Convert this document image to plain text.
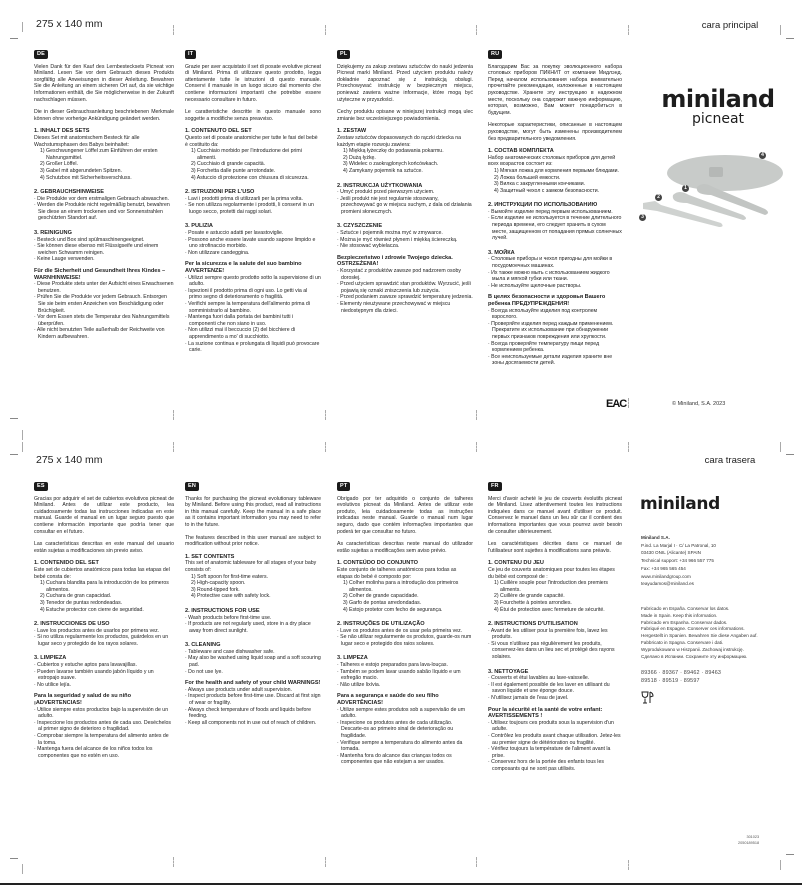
275 x 140 mm	cara principal
DE
Vielen Dank für den Kauf des Lernbestecksets Picneat von Miniland. Lesen Sie vor dem Gebrauch dieses Produkts sorgfältig alle Anweisungen in dieser Anleitung. Bewahren Sie die Anleitung an einem sicheren Ort auf, da sie wichtige Informationen enthält, die Sie möglicherweise in der Zukunft nachschlagen müssen.
Die in dieser Gebrauchsanleitung beschriebenen Merkmale können ohne vorherige Ankündigung geändert werden.
1. INHALT DES SETS
Dieses Set mit anatomischem Besteck für alle Wachstumsphasen des Babys beinhaltet:
1) Geschwungener Löffel zum Einführen der ersten Nahrungsmittel.
2) Großer Löffel.
3) Gabel mit abgerundeten Spitzen.
4) Schutzbox mit Sicherheitsverschluss.
2. GEBRAUCHSHINWEISE
· Die Produkte vor dem erstmaligen Gebrauch abwaschen.
· Werden die Produkte nicht regelmäßig benutzt, bewahren Sie diese an einem trockenen und vor Sonnenstrahlen geschützten Standort auf.
3. REINIGUNG
· Besteck und Box sind spülmaschinengeeignet.
· Sie können diese ebenso mit Flüssigseife und einem weichen Schwamm reinigen.
· Keine Lauge verwenden.
Für die Sicherheit und Gesundheit Ihres Kindes – WARNHINWEISE!
· Diese Produkte stets unter der Aufsicht eines Erwachsenen benutzen.
· Prüfen Sie die Produkte vor jedem Gebrauch. Entsorgen Sie sie beim ersten Anzeichen von Beschädigung oder Brüchigkeit.
· Vor dem Essen stets die Temperatur des Nahrungsmittels überprüfen.
· Alle nicht benutzten Teile außerhalb der Reichweite von Kindern aufbewahren.
IT
Grazie per aver acquistato il set di posate evolutive picneat di Miniland. Prima di utilizzare questo prodotto, legga attentamente tutte le istruzioni di questo manuale. Conservi il manuale in un luogo sicuro dal momento che contiene informazioni importanti che potrebbe essere necessario consultare in futuro.
Le caratteristiche descritte in questo manuale sono soggette a modifiche senza preavviso.
1. CONTENUTO DEL SET
Questo set di posate anatomiche per tutte le fasi del bebè è costituito da:
1) Cucchiaio morbido per l'introduzione dei primi alimenti.
2) Cucchiaio di grande capacità.
3) Forchetta dalle punte arrotondate.
4) Astuccio di protezione con chiusura di sicurezza.
2. ISTRUZIONI PER L'USO
· Lavi i prodotti prima di utilizzarli per la prima volta.
· Se non utilizza regolarmente i prodotti, li conservi in un luogo secco, protetti dai raggi solari.
3. PULIZIA
· Posate e astuccio adatti per lavastoviglie.
· Possono anche essere lavate usando sapone limpido e uno strofinaccio morbido.
· Non utilizzare candeggina.
Per la sicurezza e la salute del suo bambino AVVERTENZE!
· Utilizzi sempre questo prodotto sotto la supervisione di un adulto.
· Ispezioni il prodotto prima di ogni uso. Lo getti via al primo segno di deterioramento o fragilità.
· Verifichi sempre la temperatura dell'alimento prima di somministrarlo al bambino.
· Mantenga fuori dalla portata dei bambini tutti i componenti che non siano in uso.
· Non utilizzi mai il beccuccio (2) del bicchiere di apprendimento a mo' di succhiotto.
· La suzione continua e prolungata di liquidi può provocare carie.
PL
Dziękujemy za zakup zestawu sztućców do nauki jedzenia Picneat marki Miniland. Przed użyciem produktu należy dokładnie zapoznać się z instrukcją obsługi. Przechowywać instrukcję w bezpiecznym miejscu, ponieważ zawiera ważne informacje, które mogą być użyteczne w przyszłości.
Cechy produktu opisane w niniejszej instrukcji mogą ulec zmianie bez wcześniejszego powiadomienia.
1. ZESTAW
Zestaw sztućców dopasowanych do rączki dziecka na każdym etapie rozwoju zawiera:
1) Miękką łyżeczkę do podawania pokarmu.
2) Dużą łyżkę.
3) Widelec o zaokrąglonych końcówkach.
4) Zamykany pojemnik na sztućce.
2. INSTRUKCJA UŻYTKOWANIA
· Umyć produkt przed pierwszym użyciem.
· Jeśli produkt nie jest regularnie stosowany, przechowywać go w miejscu suchym, z dala od działania promieni słonecznych.
3. CZYSZCZENIE
· Sztućce i pojemnik można myć w zmywarce.
· Można je myć również płynem i miękką ściereczką.
· Nie stosować wybielacza.
Bezpieczeństwo i zdrowie Twojego dziecka. OSTRZEŻENIA!
· Korzystać z produktów zawsze pod nadzorem osoby dorosłej.
· Przed użyciem sprawdzić stan produktów. Wyrzucić, jeśli pojawią się oznaki zniszczenia lub zużycia.
· Przed podaniem zawsze sprawdzić temperaturę jedzenia.
· Elementy nieużywane przechowywać w miejscu niedostępnym dla dzieci.
RU
Благодарим Вас за покупку эволюционного набора столовых приборов ПИКНИТ от компании Мидлэнд. Перед началом использования набора внимательно прочитайте рекомендации, изложенные в настоящем руководстве. Храните эту инструкцию в надежном месте, поскольку она содержит важную информацию, которая, возможно, Вам может понадобиться в будущем.
Некоторые характеристики, описанные в настоящем руководстве, могут быть изменены производителем без предварительного уведомления.
1. СОСТАВ КОМПЛЕКТА
Набор анатомических столовых приборов для детей всех возрастов состоит из:
1) Мягкая ложка для кормления первыми блюдами.
2) Ложка большей емкости.
3) Вилка с закругленными кончиками.
4) Защитный чехол с замком безопасности.
2. ИНСТРУКЦИИ ПО ИСПОЛЬЗОВАНИЮ
· Вымойте изделие перед первым использованием.
· Если изделие не используется в течение длительного периода времени, его следует хранить в сухом месте, защищенном от попадания прямых солнечных лучей.
3. МОЙКА
· Столовые приборы и чехол пригодны для мойки в посудомоечных машинах.
· Их также можно мыть с использованием жидкого мыла и мягкой губки или ткани.
· Не используйте щелочные растворы.
В целях безопасности и здоровья Вашего ребенка ПРЕДУПРЕЖДЕНИЯ!
· Всегда используйте изделия под контролем взрослого.
· Проверяйте изделия перед каждым применением. Прекратите их использование при обнаружении первых признаков повреждения или хрупкости.
· Всегда проверяйте температуру пищи перед кормлением ребенка.
· Все неиспользуемые детали изделия храните вне зоны досягаемости детей.
EAC
miniland
picneat
1
2
3
4
© Miniland, S.A. 2023
275 x 140 mm	cara trasera
ES
Gracias por adquirir el set de cubiertos evolutivos picneat de Miniland. Antes de utilizar este producto, lea cuidadosamente todas las instrucciones indicadas en este manual. Guarde el manual en un lugar seguro puesto que contiene información importante que podría tener que consultar en el futuro.
Las características descritas en este manual del usuario están sujetas a modificaciones sin previo aviso.
1. CONTENIDO DEL SET
Este set de cubiertos anatómicos para todas las etapas del bebé consta de:
1) Cuchara blandita para la introducción de los primeros alimentos.
2) Cuchara de gran capacidad.
3) Tenedor de puntas redondeadas.
4) Estuche protector con cierre de seguridad.
2. INSTRUCCIONES DE USO
· Lave los productos antes de usarlos por primera vez.
· Si no utiliza regularmente los productos, guárdelos en un lugar seco y protegido de los rayos solares.
3. LIMPIEZA
· Cubiertos y estuche aptos para lavavajillas.
· Pueden lavarse también usando jabón líquido y un estropajo suave.
· No utilice lejía.
Para la seguridad y salud de su niño ¡ADVERTENCIAS!
· Utilice siempre estos productos bajo la supervisión de un adulto.
· Inspeccione los productos antes de cada uso. Deséchelos al primer signo de deterioro o fragilidad.
· Comprobar siempre la temperatura del alimento antes de la toma.
· Mantenga fuera del alcance de los niños todos los componentes que no estén en uso.
EN
Thanks for purchasing the picneat evolutionary tableware by Miniland. Before using this product, read all instructions in this manual carefully. Keep the manual in a safe place as it contains important information you may need to refer to in the future.
The features described in this user manual are subject to modification without prior notice.
1. SET CONTENTS
This set of anatomic tableware for all stages of your baby consists of:
1) Soft spoon for first-time eaters.
2) High-capacity spoon.
3) Round-tipped fork.
4) Protective case with safety lock.
2. INSTRUCTIONS FOR USE
· Wash products before first-time use.
· If products are not regularly used, store in a dry place away from direct sunlight.
3. CLEANING
· Tableware and case dishwasher safe.
· May also be washed using liquid soap and a soft scouring pad.
· Do not use lye.
For the health and safety of your child WARNINGS!
· Always use products under adult supervision.
· Inspect products before first-time use. Discard at first sign of wear or fragility.
· Always check temperature of foods and liquids before feeding.
· Keep all components not in use out of reach of children.
PT
Obrigado por ter adquirido o conjunto de talheres evolutivos picneat da Miniland. Antes de utilizar este produto, leia cuidadosamente todas as instruções indicadas neste manual. Guarde o manual num lugar seguro, dado que contém informações importantes que poderá ter que consultar no futuro.
As características descritas neste manual do utilizador estão sujeitas a modificações sem aviso prévio.
1. CONTEÚDO DO CONJUNTO
Este conjunto de talheres anatómicos para todas as etapas do bebé é composto por:
1) Colher molinha para a introdução dos primeiros alimentos.
2) Colher de grande capacidade.
3) Garfo de pontas arredondadas.
4) Estojo protetor com fecho de segurança.
2. INSTRUÇÕES DE UTILIZAÇÃO
· Lave os produtos antes de os usar pela primeira vez.
· Se não utilizar regularmente os produtos, guarde-os num lugar seco e protegido dos raios solares.
3. LIMPEZA
· Talheres e estojo preparados para lava-louças.
· Também se podem lavar usando sabão líquido e um esfregão macio.
· Não utilize lixívia.
Para a segurança e saúde do seu filho ADVERTÊNCIAS!
· Utilize sempre estes produtos sob a supervisão de um adulto.
· Inspecione os produtos antes de cada utilização. Descarte-os ao primeiro sinal de deterioração ou fragilidade.
· Verifique sempre a temperatura do alimento antes da tomada.
· Mantenha fora do alcance das crianças todos os componentes que não estejam a ser usados.
FR
Merci d'avoir acheté le jeu de couverts évolutifs picneat de Miniland. Lisez attentivement toutes les instructions indiquées dans ce manuel avant d'utiliser ce produit. Conservez le manuel dans un lieu sûr car il contient des informations importantes que vous pourrez avoir besoin de consulter ultérieurement.
Les caractéristiques décrites dans ce manuel de l'utilisateur sont sujettes à modifications sans préavis.
1. CONTENU DU JEU
Ce jeu de couverts anatomiques pour toutes les étapes du bébé est composé de :
1) Cuillère souple pour l'introduction des premiers aliments.
2) Cuillère de grande capacité.
3) Fourchette à pointes arrondies.
4) Étui de protection avec fermeture de sécurité.
2. INSTRUCTIONS D'UTILISATION
· Avant de les utiliser pour la première fois, lavez les produits.
· Si vous n'utilisez pas régulièrement les produits, conservez-les dans un lieu sec et protégé des rayons solaires.
3. NETTOYAGE
· Couverts et étui lavables au lave-vaisselle.
· Il est également possible de les laver en utilisant du savon liquide et une éponge douce.
· N'utilisez jamais de l'eau de javel.
Pour la sécurité et la santé de votre enfant: AVERTISSEMENTS !
· Utilisez toujours ces produits sous la supervision d'un adulte.
· Contrôlez les produits avant chaque utilisation. Jetez-les au premier signe de détérioration ou fragilité.
· Vérifiez toujours la température de l'aliment avant la prise.
· Conservez hors de la portée des enfants tous les composants qui ne sont pas utilisés.
miniland
Miniland S.A.
P.ind. La Marjal I · C/ La Patronal, 10
03430 ONIL (Alicante) SPAIN
Technical support: +34 966 557 775
Fax: +34 965 565 454
www.minilandgroup.com
teayudamos@miniland.es
Fabricado en España. Conservar los datos.
Made in Spain. Keep this information.
Fabricado em Espanha. Conservar dados.
Fabriqué en Espagne. Conserver ces informations.
Hergestellt in Spanien. Bewahren Sie diese Angaben auf.
Fabbricato in Spagna. Conservare i dati.
Wyprodukowano w Hiszpanii. Zachowaj instrukcję.
Сделано в Испании. Сохраните эту информацию.
89366 · 89367 · 89462 · 89463
89518 · 89519 · 89597
301023
2050189518
